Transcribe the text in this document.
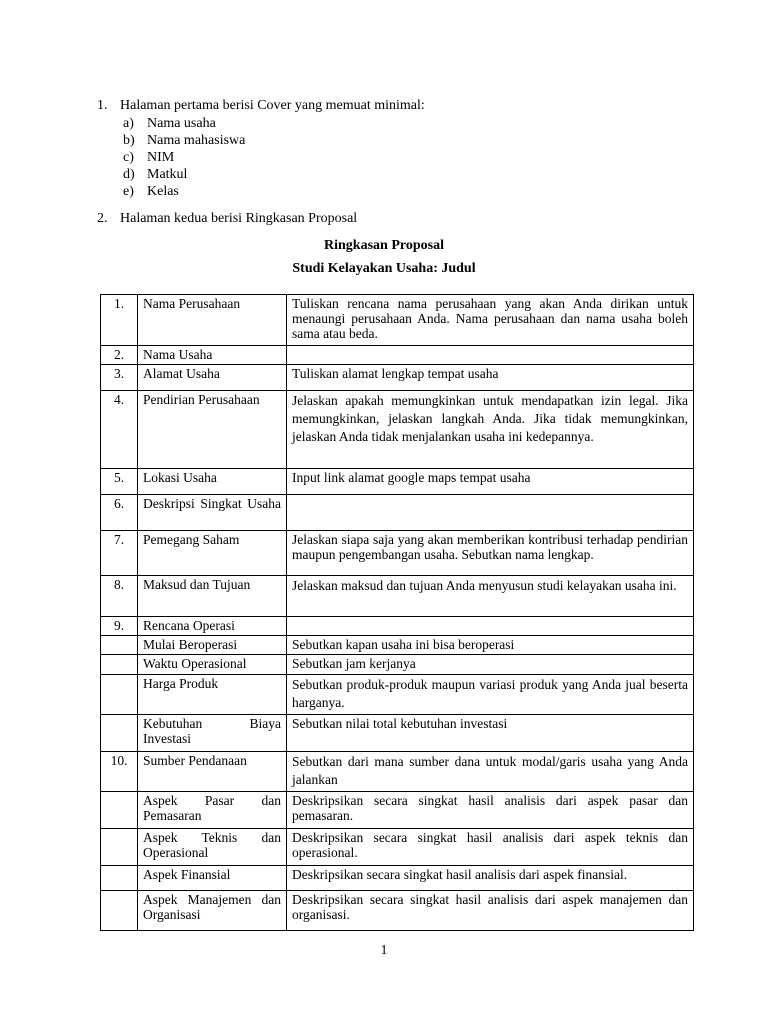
1. Halaman pertama berisi Cover yang memuat minimal:
a) Nama usaha
b) Nama mahasiswa
c) NIM
d) Matkul
e) Kelas
2. Halaman kedua berisi Ringkasan Proposal
Ringkasan Proposal
Studi Kelayakan Usaha: Judul
1.	Nama Perusahaan	Tuliskan rencana nama perusahaan yang akan Anda dirikan untuk menaungi perusahaan Anda. Nama perusahaan dan nama usaha boleh sama atau beda.
2.	Nama Usaha	
3.	Alamat Usaha	Tuliskan alamat lengkap tempat usaha
4.	Pendirian Perusahaan	Jelaskan apakah memungkinkan untuk mendapatkan izin legal. Jika memungkinkan, jelaskan langkah Anda. Jika tidak memungkinkan, jelaskan Anda tidak menjalankan usaha ini kedepannya.
5.	Lokasi Usaha	Input link alamat google maps tempat usaha
6.	Deskripsi Singkat Usaha	
7.	Pemegang Saham	Jelaskan siapa saja yang akan memberikan kontribusi terhadap pendirian maupun pengembangan usaha. Sebutkan nama lengkap.
8.	Maksud dan Tujuan	Jelaskan maksud dan tujuan Anda menyusun studi kelayakan usaha ini.
9.	Rencana Operasi	
	Mulai Beroperasi	Sebutkan kapan usaha ini bisa beroperasi
	Waktu Operasional	Sebutkan jam kerjanya
	Harga Produk	Sebutkan produk-produk maupun variasi produk yang Anda jual beserta harganya.
	Kebutuhan Biaya Investasi	Sebutkan nilai total kebutuhan investasi
10.	Sumber Pendanaan	Sebutkan dari mana sumber dana untuk modal/garis usaha yang Anda jalankan
	Aspek Pasar dan Pemasaran	Deskripsikan secara singkat hasil analisis dari aspek pasar dan pemasaran.
	Aspek Teknis dan Operasional	Deskripsikan secara singkat hasil analisis dari aspek teknis dan operasional.
	Aspek Finansial	Deskripsikan secara singkat hasil analisis dari aspek finansial.
	Aspek Manajemen dan Organisasi	Deskripsikan secara singkat hasil analisis dari aspek manajemen dan organisasi.
1
